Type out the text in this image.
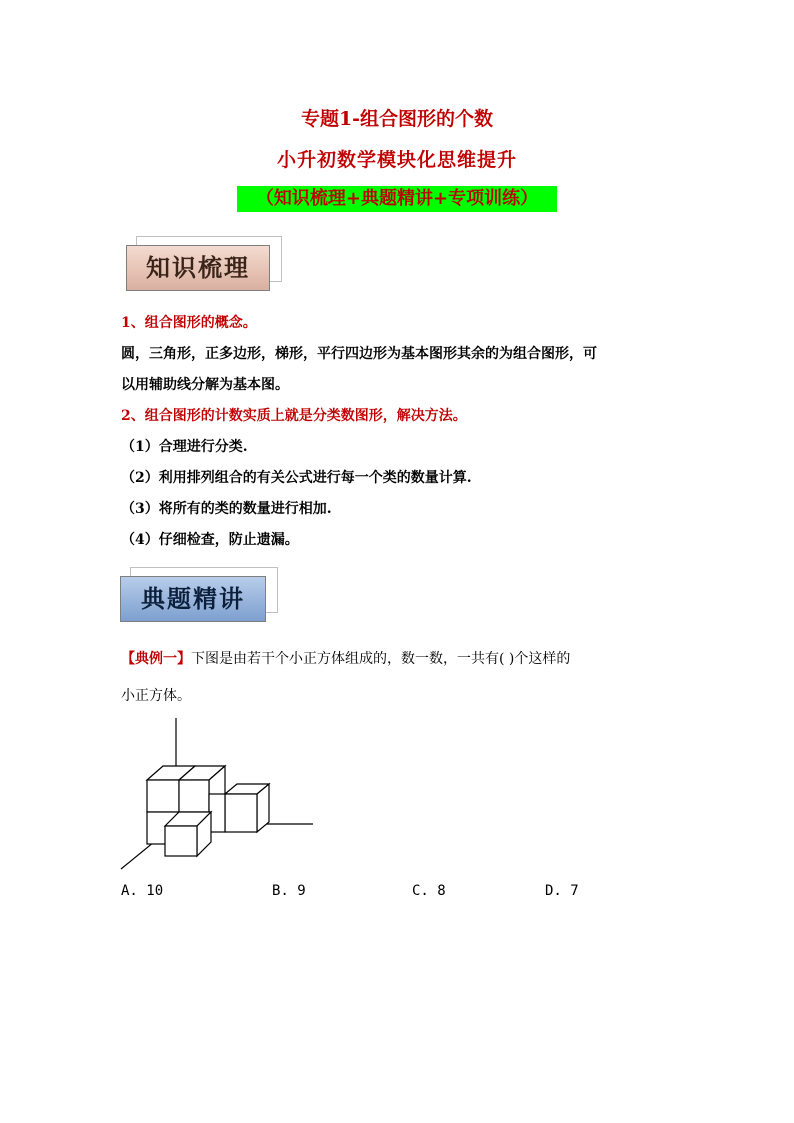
专题1-组合图形的个数
小升初数学模块化思维提升
（知识梳理+典题精讲+专项训练）
知识梳理
1、组合图形的概念。
圆，三角形，正多边形，梯形，平行四边形为基本图形其余的为组合图形，可
以用辅助线分解为基本图。
2、组合图形的计数实质上就是分类数图形，解决方法。
（1）合理进行分类.
（2）利用排列组合的有关公式进行每一个类的数量计算.
（3）将所有的类的数量进行相加.
（4）仔细检查，防止遗漏。
典题精讲
【典例一】下图是由若干个小正方体组成的，数一数，一共有( )个这样的
小正方体。
A. 10	B. 9	C. 8	D. 7
